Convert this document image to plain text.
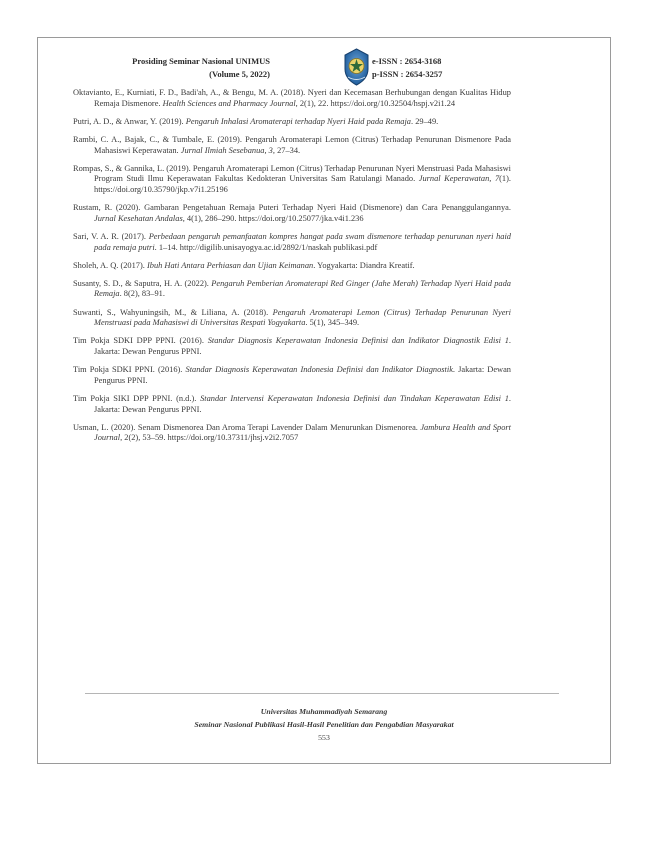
Prosiding Seminar Nasional UNIMUS
(Volume 5, 2022)
e-ISSN : 2654-3168
p-ISSN : 2654-3257

Oktavianto, E., Kurniati, F. D., Badi'ah, A., & Bengu, M. A. (2018). Nyeri dan Kecemasan Berhubungan dengan Kualitas Hidup Remaja Dismenore. Health Sciences and Pharmacy Journal, 2(1), 22. https://doi.org/10.32504/hspj.v2i1.24

Putri, A. D., & Anwar, Y. (2019). Pengaruh Inhalasi Aromaterapi terhadap Nyeri Haid pada Remaja. 29–49.

Rambi, C. A., Bajak, C., & Tumbale, E. (2019). Pengaruh Aromaterapi Lemon (Citrus) Terhadap Penurunan Dismenore Pada Mahasiswi Keperawatan. Jurnal Ilmiah Sesebanua, 3, 27–34.

Rompas, S., & Gannika, L. (2019). Pengaruh Aromaterapi Lemon (Citrus) Terhadap Penurunan Nyeri Menstruasi Pada Mahasiswi Program Studi Ilmu Keperawatan Fakultas Kedokteran Universitas Sam Ratulangi Manado. Jurnal Keperawatan, 7(1). https://doi.org/10.35790/jkp.v7i1.25196

Rustam, R. (2020). Gambaran Pengetahuan Remaja Puteri Terhadap Nyeri Haid (Dismenore) dan Cara Penanggulangannya. Jurnal Kesehatan Andalas, 4(1), 286–290. https://doi.org/10.25077/jka.v4i1.236

Sari, V. A. R. (2017). Perbedaan pengaruh pemanfaatan kompres hangat pada swam dismenore terhadap penurunan nyeri haid pada remaja putri. 1–14. http://digilib.unisayogya.ac.id/2892/1/naskah publikasi.pdf

Sholeh, A. Q. (2017). Ibuh Hati Antara Perhiasan dan Ujian Keimanan. Yogyakarta: Diandra Kreatif.

Susanty, S. D., & Saputra, H. A. (2022). Pengaruh Pemberian Aromaterapi Red Ginger (Jahe Merah) Terhadap Nyeri Haid pada Remaja. 8(2), 83–91.

Suwanti, S., Wahyuningsih, M., & Liliana, A. (2018). Pengaruh Aromaterapi Lemon (Citrus) Terhadap Penurunan Nyeri Menstruasi pada Mahasiswi di Universitas Respati Yogyakarta. 5(1), 345–349.

Tim Pokja SDKI DPP PPNI. (2016). Standar Diagnosis Keperawatan Indonesia Definisi dan Indikator Diagnostik Edisi 1. Jakarta: Dewan Pengurus PPNI.

Tim Pokja SDKI PPNI. (2016). Standar Diagnosis Keperawatan Indonesia Definisi dan Indikator Diagnostik. Jakarta: Dewan Pengurus PPNI.

Tim Pokja SIKI DPP PPNI. (n.d.). Standar Intervensi Keperawatan Indonesia Definisi dan Tindakan Keperawatan Edisi 1. Jakarta: Dewan Pengurus PPNI.

Usman, L. (2020). Senam Dismenorea Dan Aroma Terapi Lavender Dalam Menurunkan Dismenorea. Jambura Health and Sport Journal, 2(2), 53–59. https://doi.org/10.37311/jhsj.v2i2.7057

Universitas Muhammadiyah Semarang
Seminar Nasional Publikasi Hasil-Hasil Penelitian dan Pengabdian Masyarakat
553
